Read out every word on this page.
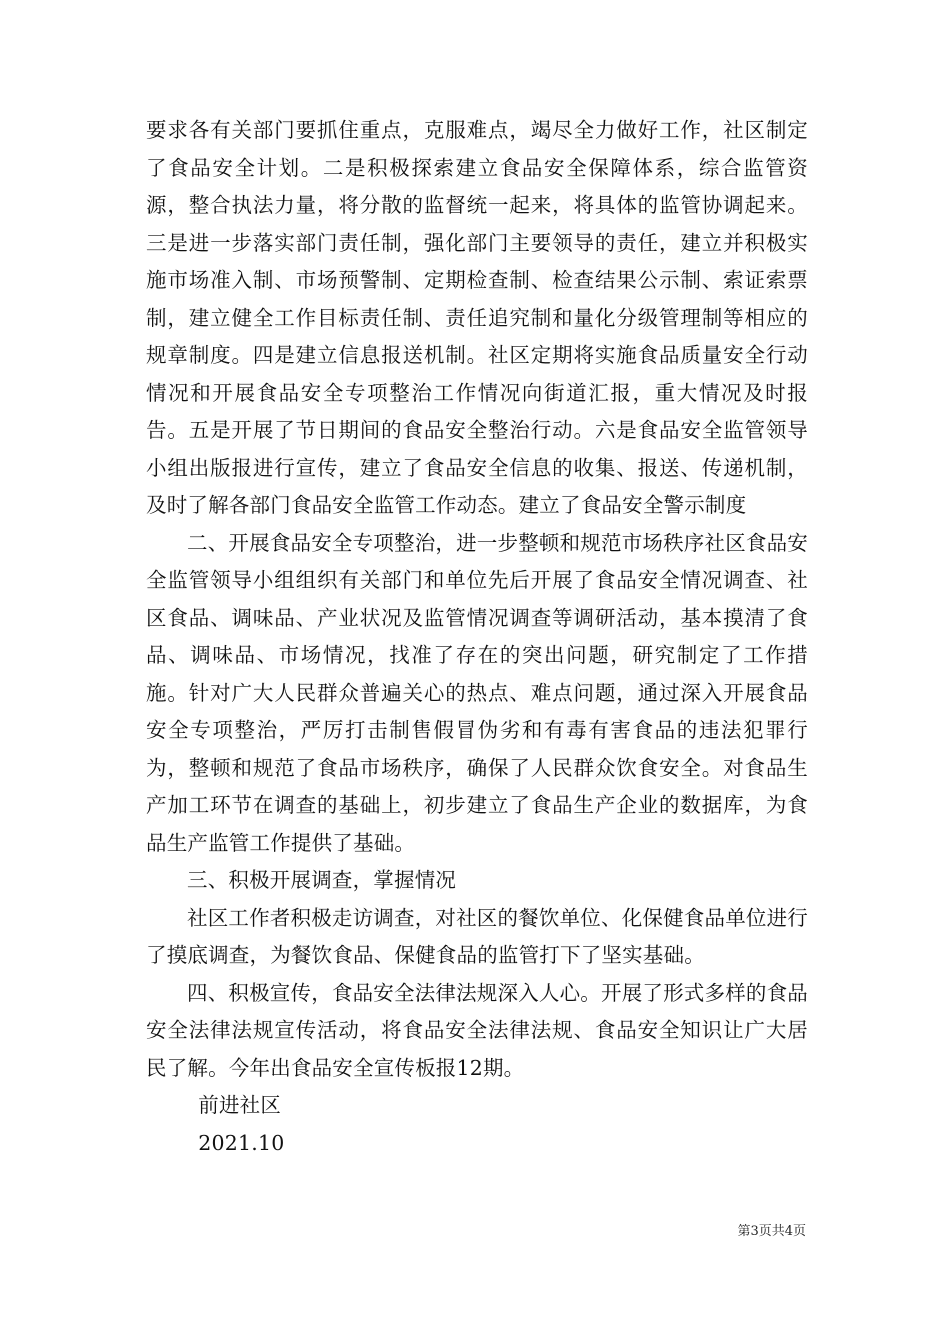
要求各有关部门要抓住重点，克服难点，竭尽全力做好工作，社区制定了食品安全计划。二是积极探索建立食品安全保障体系，综合监管资源，整合执法力量，将分散的监督统一起来，将具体的监管协调起来。三是进一步落实部门责任制，强化部门主要领导的责任，建立并积极实施市场准入制、市场预警制、定期检查制、检查结果公示制、索证索票制，建立健全工作目标责任制、责任追究制和量化分级管理制等相应的规章制度。四是建立信息报送机制。社区定期将实施食品质量安全行动情况和开展食品安全专项整治工作情况向街道汇报，重大情况及时报告。五是开展了节日期间的食品安全整治行动。六是食品安全监管领导小组出版报进行宣传，建立了食品安全信息的收集、报送、传递机制，及时了解各部门食品安全监管工作动态。建立了食品安全警示制度

二、开展食品安全专项整治，进一步整顿和规范市场秩序社区食品安全监管领导小组组织有关部门和单位先后开展了食品安全情况调查、社区食品、调味品、产业状况及监管情况调查等调研活动，基本摸清了食品、调味品、市场情况，找准了存在的突出问题，研究制定了工作措施。针对广大人民群众普遍关心的热点、难点问题，通过深入开展食品安全专项整治，严厉打击制售假冒伪劣和有毒有害食品的违法犯罪行为，整顿和规范了食品市场秩序，确保了人民群众饮食安全。对食品生产加工环节在调查的基础上，初步建立了食品生产企业的数据库，为食品生产监管工作提供了基础。

三、积极开展调查，掌握情况

社区工作者积极走访调查，对社区的餐饮单位、化保健食品单位进行了摸底调查，为餐饮食品、保健食品的监管打下了坚实基础。

四、积极宣传，食品安全法律法规深入人心。开展了形式多样的食品安全法律法规宣传活动，将食品安全法律法规、食品安全知识让广大居民了解。今年出食品安全宣传板报12期。

前进社区

2021.10

第3页共4页
